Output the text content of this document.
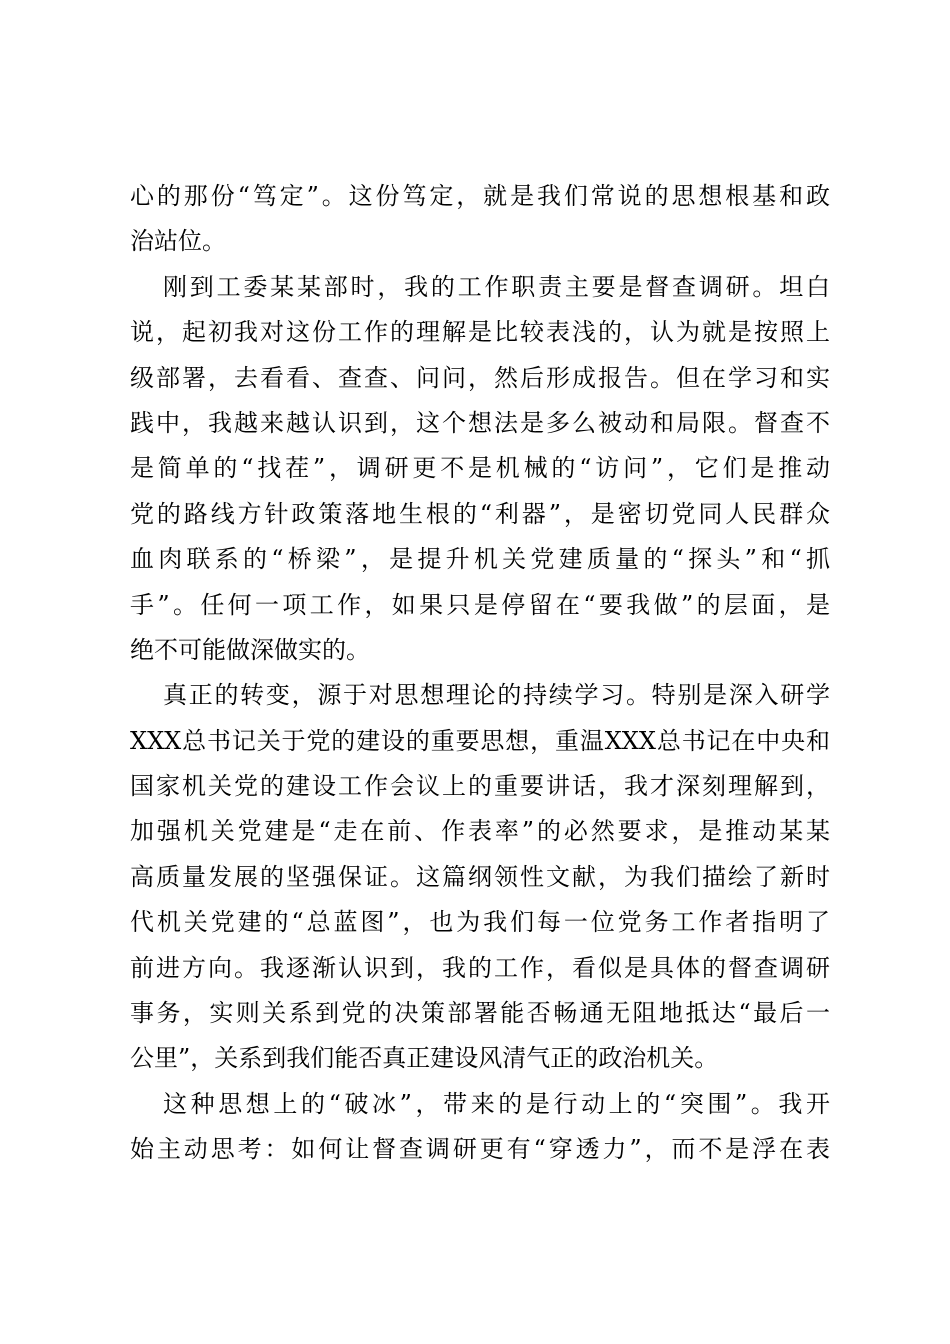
心的那份“笃定”。这份笃定，就是我们常说的思想根基和政
治站位。
刚到工委某某部时，我的工作职责主要是督查调研。坦白
说，起初我对这份工作的理解是比较表浅的，认为就是按照上
级部署，去看看、查查、问问，然后形成报告。但在学习和实
践中，我越来越认识到，这个想法是多么被动和局限。督查不
是简单的“找茬”，调研更不是机械的“访问”，它们是推动
党的路线方针政策落地生根的“利器”，是密切党同人民群众
血肉联系的“桥梁”，是提升机关党建质量的“探头”和“抓
手”。任何一项工作，如果只是停留在“要我做”的层面，是
绝不可能做深做实的。
真正的转变，源于对思想理论的持续学习。特别是深入研学
XXX总书记关于党的建设的重要思想，重温XXX总书记在中央和
国家机关党的建设工作会议上的重要讲话，我才深刻理解到，
加强机关党建是“走在前、作表率”的必然要求，是推动某某
高质量发展的坚强保证。这篇纲领性文献，为我们描绘了新时
代机关党建的“总蓝图”，也为我们每一位党务工作者指明了
前进方向。我逐渐认识到，我的工作，看似是具体的督查调研
事务，实则关系到党的决策部署能否畅通无阻地抵达“最后一
公里”，关系到我们能否真正建设风清气正的政治机关。
这种思想上的“破冰”，带来的是行动上的“突围”。我开
始主动思考：如何让督查调研更有“穿透力”，而不是浮在表
